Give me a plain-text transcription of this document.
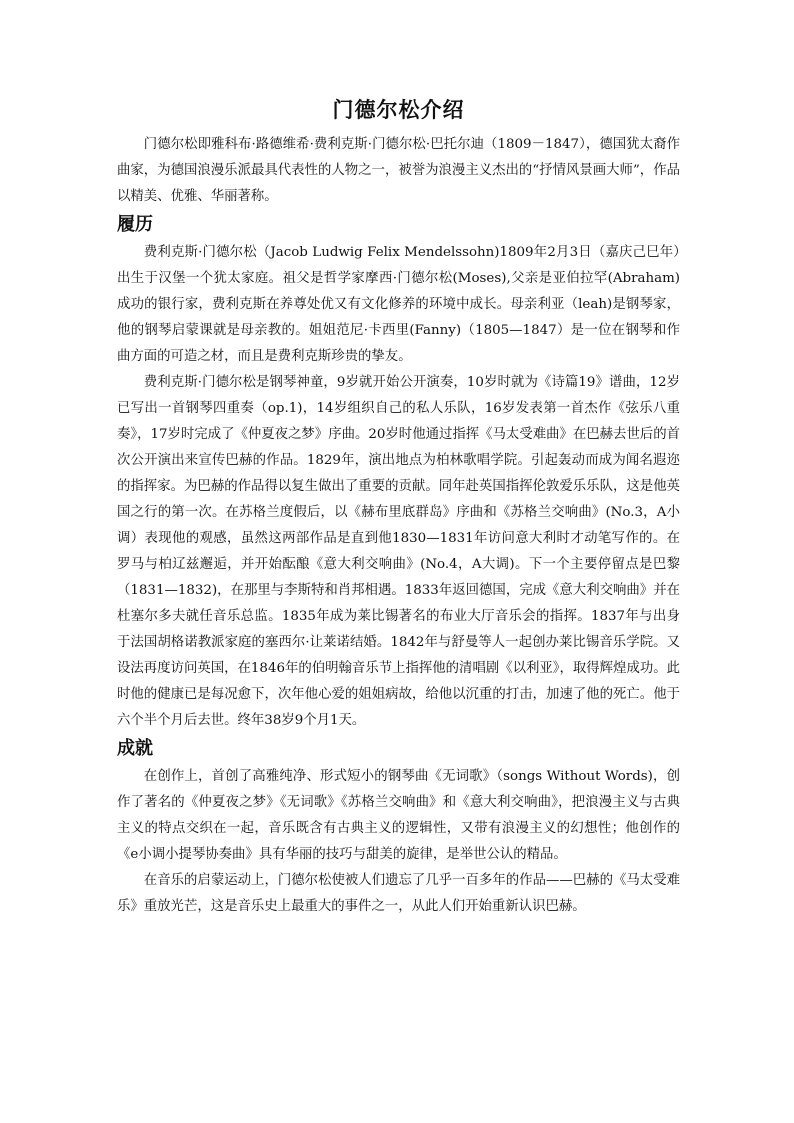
门德尔松介绍

门德尔松即雅科布·路德维希·费利克斯·门德尔松·巴托尔迪（1809－1847），德国犹太裔作曲家，为德国浪漫乐派最具代表性的人物之一，被誉为浪漫主义杰出的“抒情风景画大师”，作品以精美、优雅、华丽著称。

履历

费利克斯·门德尔松（Jacob Ludwig Felix Mendelssohn)1809年2月3日（嘉庆己巳年）出生于汉堡一个犹太家庭。祖父是哲学家摩西·门德尔松(Moses),父亲是亚伯拉罕(Abraham)成功的银行家，费利克斯在养尊处优又有文化修养的环境中成长。母亲利亚（leah)是钢琴家，他的钢琴启蒙课就是母亲教的。姐姐范尼·卡西里(Fanny)（1805—1847）是一位在钢琴和作曲方面的可造之材，而且是费利克斯珍贵的挚友。

费利克斯·门德尔松是钢琴神童，9岁就开始公开演奏，10岁时就为《诗篇19》谱曲，12岁已写出一首钢琴四重奏（op.1)，14岁组织自己的私人乐队，16岁发表第一首杰作《弦乐八重奏》，17岁时完成了《仲夏夜之梦》序曲。20岁时他通过指挥《马太受难曲》在巴赫去世后的首次公开演出来宣传巴赫的作品。1829年，演出地点为柏林歌唱学院。引起轰动而成为闻名遐迩的指挥家。为巴赫的作品得以复生做出了重要的贡献。同年赴英国指挥伦敦爱乐乐队，这是他英国之行的第一次。在苏格兰度假后，以《赫布里底群岛》序曲和《苏格兰交响曲》(No.3，A小调）表现他的观感，虽然这两部作品是直到他1830—1831年访问意大利时才动笔写作的。在罗马与柏辽兹邂逅，并开始酝酿《意大利交响曲》(No.4，A大调)。下一个主要停留点是巴黎（1831—1832)，在那里与李斯特和肖邦相遇。1833年返回德国，完成《意大利交响曲》并在杜塞尔多夫就任音乐总监。1835年成为莱比锡著名的布业大厅音乐会的指挥。1837年与出身于法国胡格诺教派家庭的塞西尔·让莱诺结婚。1842年与舒曼等人一起创办莱比锡音乐学院。又设法再度访问英国，在1846年的伯明翰音乐节上指挥他的清唱剧《以利亚》，取得辉煌成功。此时他的健康已是每况愈下，次年他心爱的姐姐病故，给他以沉重的打击，加速了他的死亡。他于六个半个月后去世。终年38岁9个月1天。

成就

在创作上，首创了高雅纯净、形式短小的钢琴曲《无词歌》（songs Without Words)，创作了著名的《仲夏夜之梦》《无词歌》《苏格兰交响曲》和《意大利交响曲》，把浪漫主义与古典主义的特点交织在一起，音乐既含有古典主义的逻辑性，又带有浪漫主义的幻想性；他创作的《e小调小提琴协奏曲》具有华丽的技巧与甜美的旋律，是举世公认的精品。

在音乐的启蒙运动上，门德尔松使被人们遗忘了几乎一百多年的作品——巴赫的《马太受难乐》重放光芒，这是音乐史上最重大的事件之一，从此人们开始重新认识巴赫。
